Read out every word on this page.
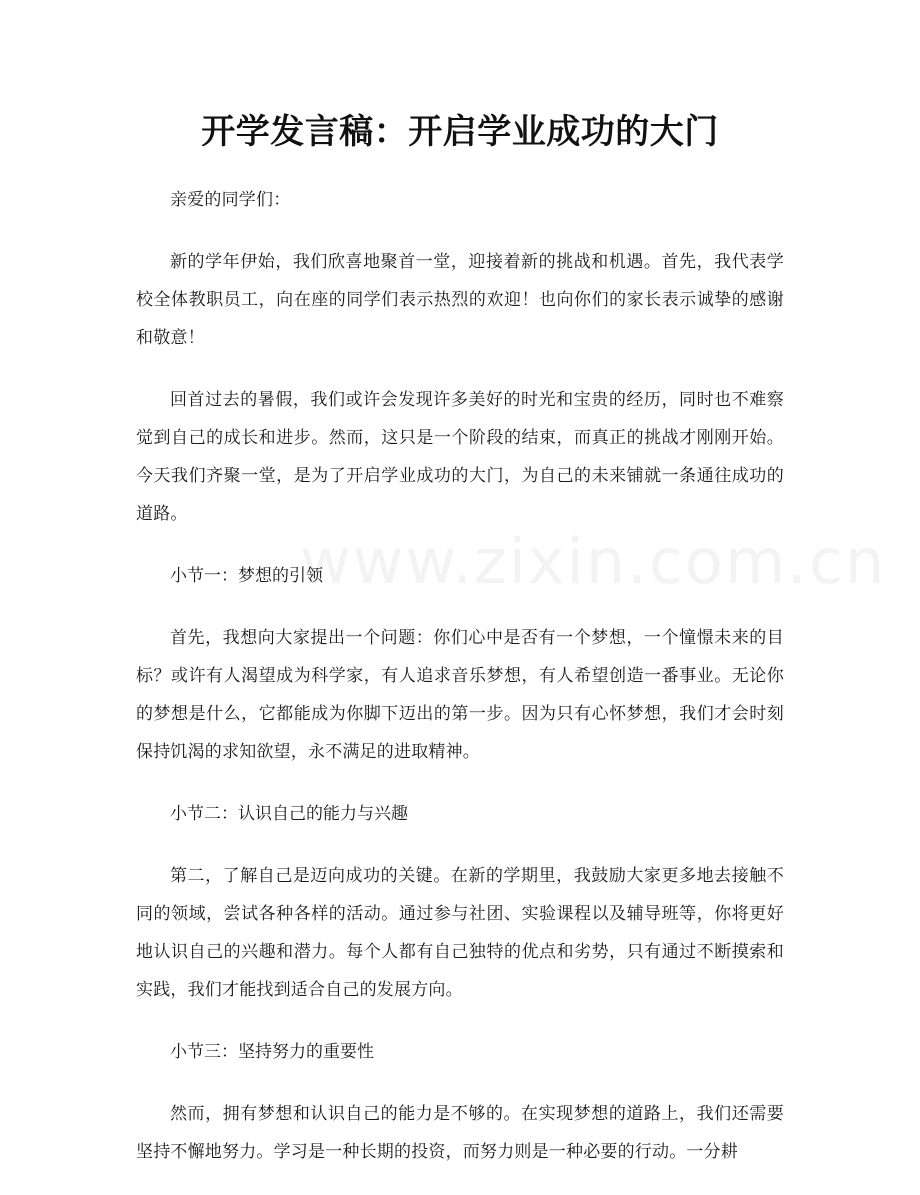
开学发言稿：开启学业成功的大门
www.zixin.com.cn

亲爱的同学们：

新的学年伊始，我们欣喜地聚首一堂，迎接着新的挑战和机遇。首先，我代表学校全体教职员工，向在座的同学们表示热烈的欢迎！也向你们的家长表示诚挚的感谢和敬意！

回首过去的暑假，我们或许会发现许多美好的时光和宝贵的经历，同时也不难察觉到自己的成长和进步。然而，这只是一个阶段的结束，而真正的挑战才刚刚开始。今天我们齐聚一堂，是为了开启学业成功的大门，为自己的未来铺就一条通往成功的道路。

小节一：梦想的引领

首先，我想向大家提出一个问题：你们心中是否有一个梦想，一个憧憬未来的目标？或许有人渴望成为科学家，有人追求音乐梦想，有人希望创造一番事业。无论你的梦想是什么，它都能成为你脚下迈出的第一步。因为只有心怀梦想，我们才会时刻保持饥渴的求知欲望，永不满足的进取精神。

小节二：认识自己的能力与兴趣

第二，了解自己是迈向成功的关键。在新的学期里，我鼓励大家更多地去接触不同的领域，尝试各种各样的活动。通过参与社团、实验课程以及辅导班等，你将更好地认识自己的兴趣和潜力。每个人都有自己独特的优点和劣势，只有通过不断摸索和实践，我们才能找到适合自己的发展方向。

小节三：坚持努力的重要性

然而，拥有梦想和认识自己的能力是不够的。在实现梦想的道路上，我们还需要坚持不懈地努力。学习是一种长期的投资，而努力则是一种必要的行动。一分耕
